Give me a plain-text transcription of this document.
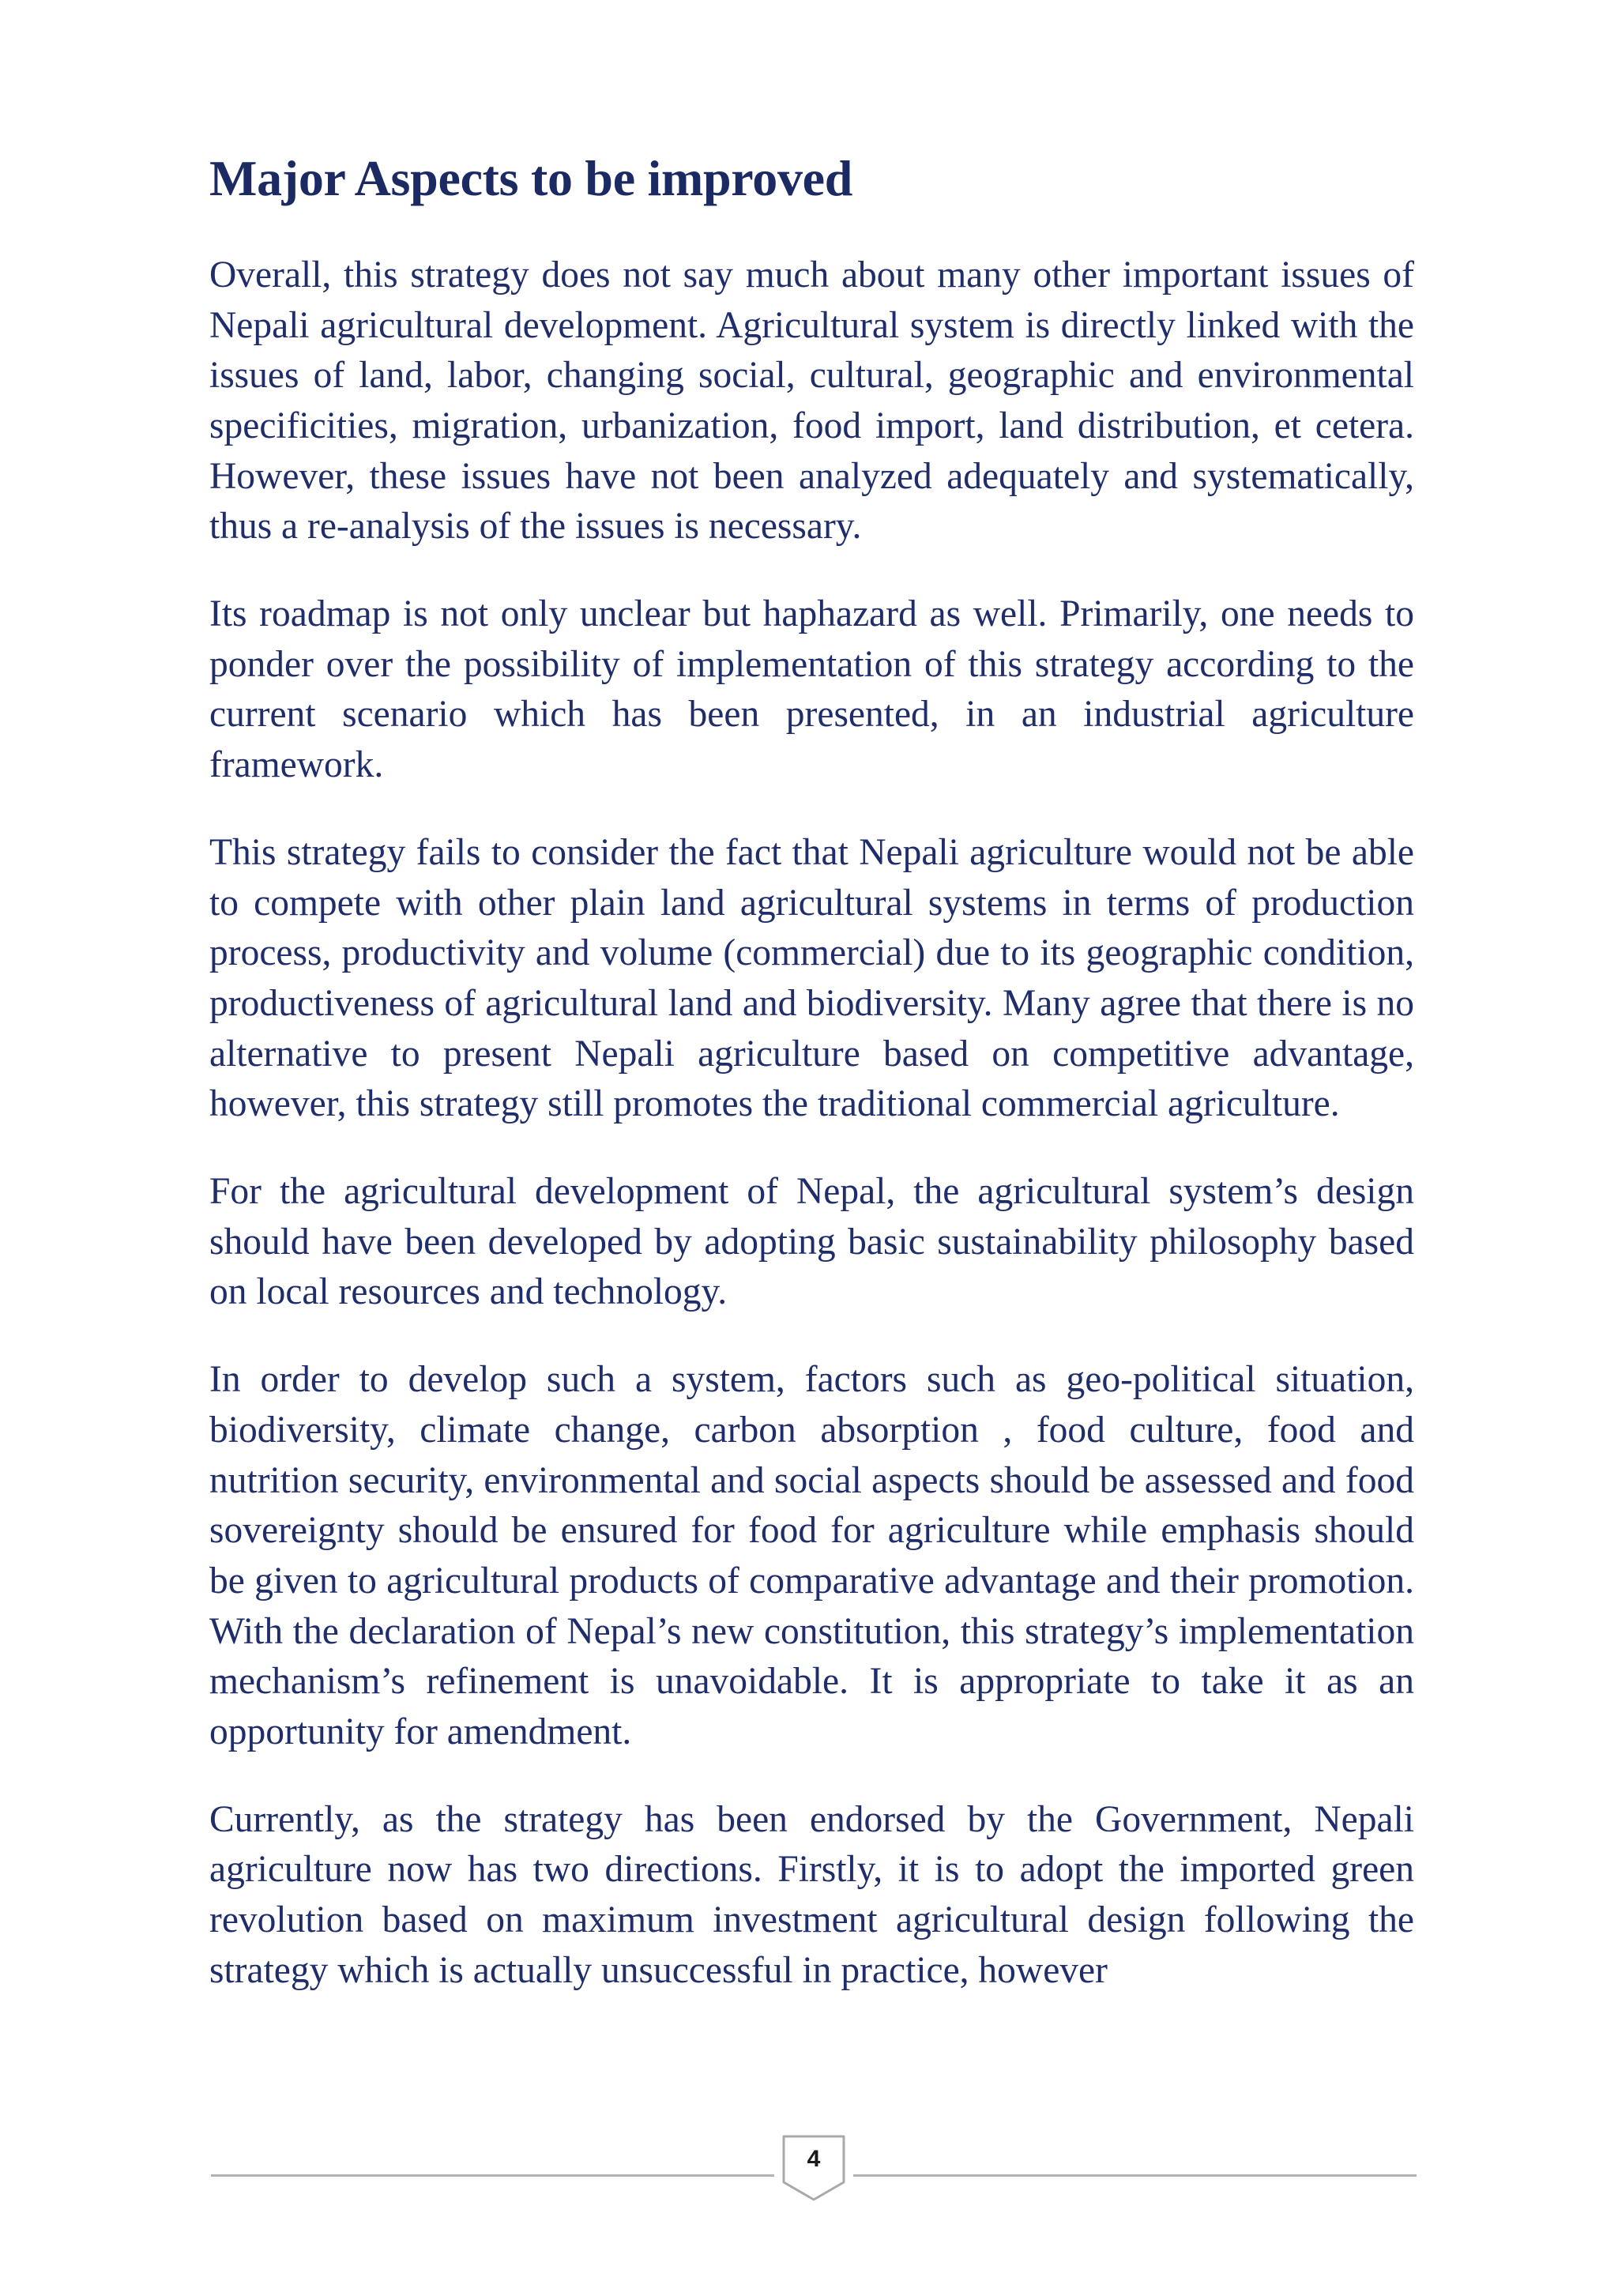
Major Aspects to be improved

Overall, this strategy does not say much about many other important issues of Nepali agricultural development. Agricultural system is directly linked with the issues of land, labor, changing social, cultural, geographic and environmental specificities, migration, urbanization, food import, land distribution, et cetera. However, these issues have not been analyzed adequately and systematically, thus a re-analysis of the issues is necessary.

Its roadmap is not only unclear but haphazard as well. Primarily, one needs to ponder over the possibility of implementation of this strategy according to the current scenario which has been presented, in an industrial agriculture framework.

This strategy fails to consider the fact that Nepali agriculture would not be able to compete with other plain land agricultural systems in terms of production process, productivity and volume (commercial) due to its geographic condition, productiveness of agricultural land and biodiversity. Many agree that there is no alternative to present Nepali agriculture based on competitive advantage, however, this strategy still promotes the traditional commercial agriculture.

For the agricultural development of Nepal, the agricultural system’s design should have been developed by adopting basic sustainability philosophy based on local resources and technology.

In order to develop such a system, factors such as geo-political situation, biodiversity, climate change, carbon absorption , food culture, food and nutrition security, environmental and social aspects should be assessed and food sovereignty should be ensured for food for agriculture while emphasis should be given to agricultural products of comparative advantage and their promotion. With the declaration of Nepal’s new constitution, this strategy’s implementation mechanism’s refinement is unavoidable. It is appropriate to take it as an opportunity for amendment.

Currently, as the strategy has been endorsed by the Government, Nepali agriculture now has two directions. Firstly, it is to adopt the imported green revolution based on maximum investment agricultural design following the strategy which is actually unsuccessful in practice, however

4
